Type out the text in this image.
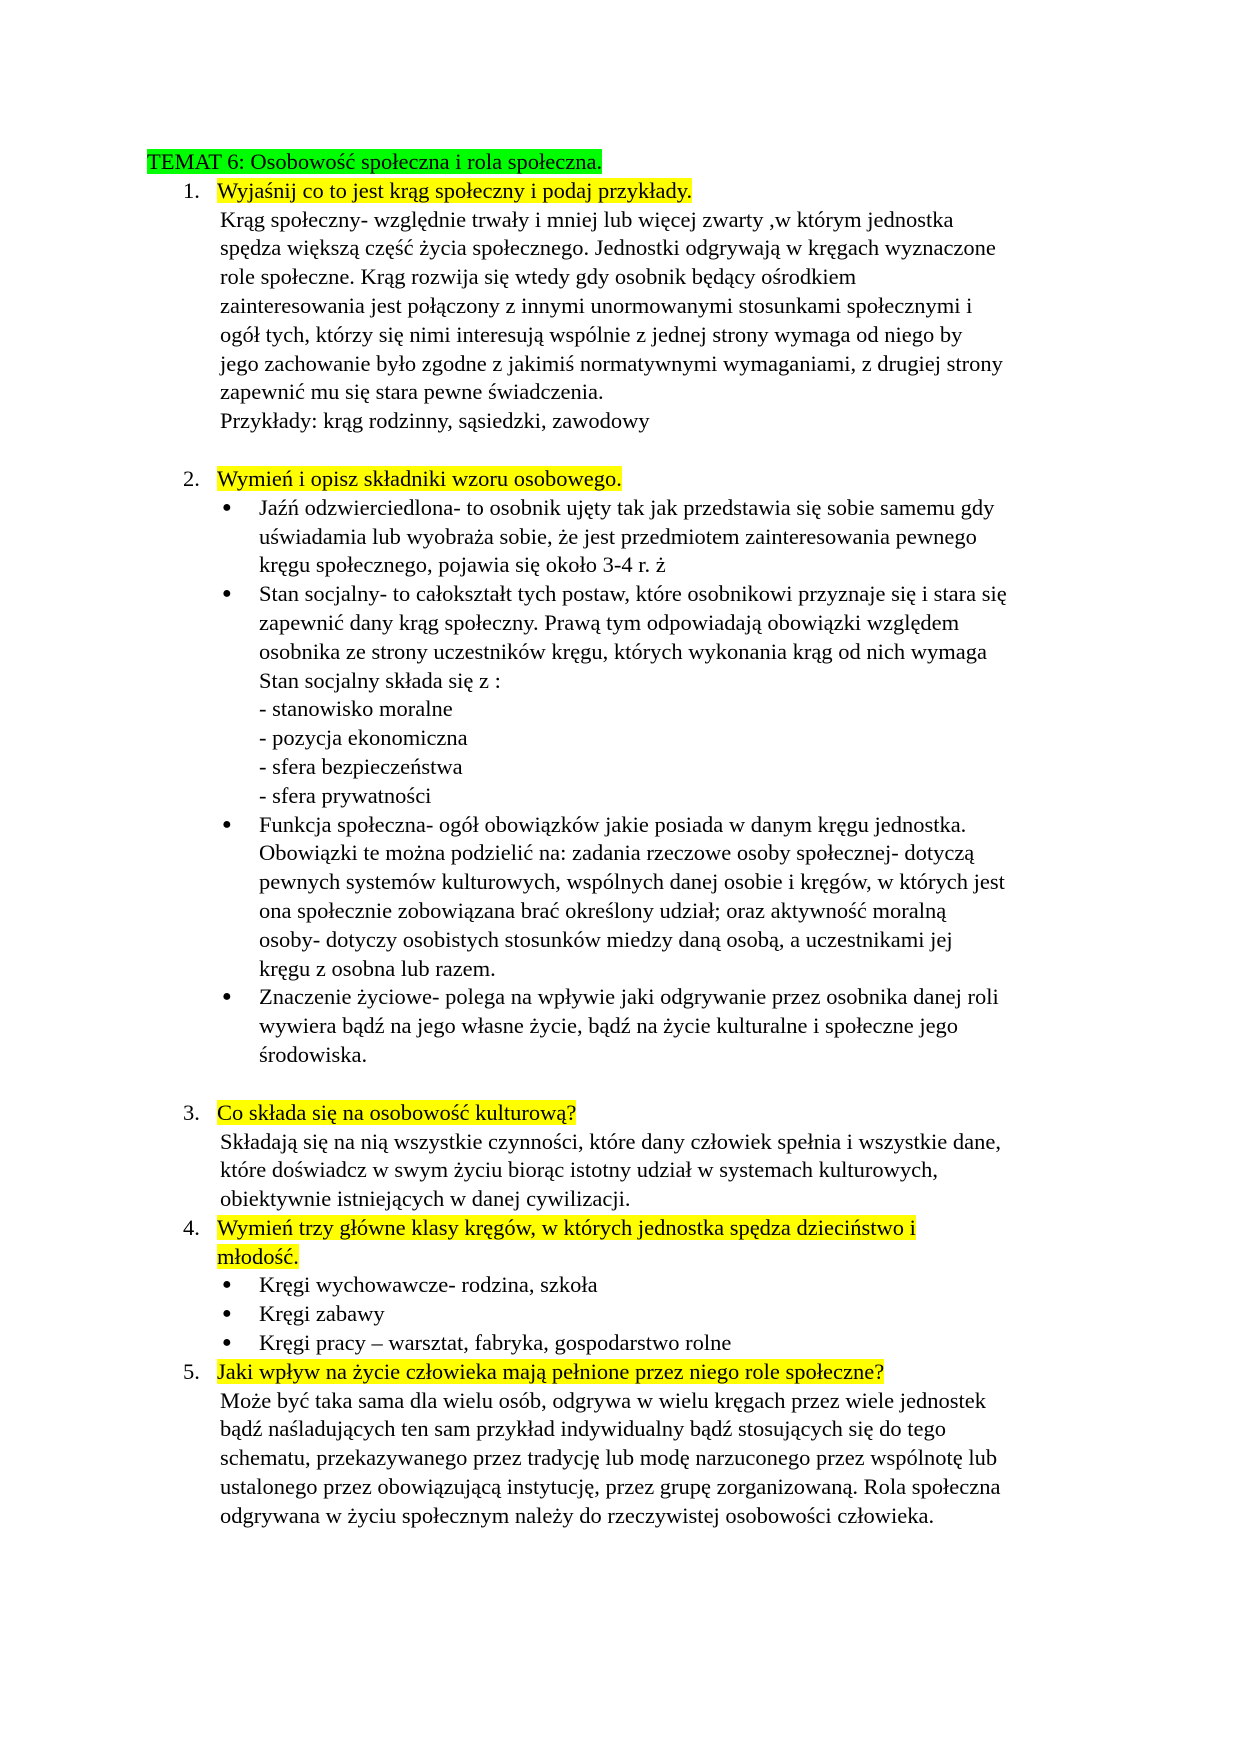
TEMAT 6: Osobowość społeczna i rola społeczna.
1. Wyjaśnij co to jest krąg społeczny i podaj przykłady.
Krąg społeczny- względnie trwały i mniej lub więcej zwarty ,w którym jednostka
spędza większą część życia społecznego. Jednostki odgrywają w kręgach wyznaczone
role społeczne. Krąg rozwija się wtedy gdy osobnik będący ośrodkiem
zainteresowania jest połączony z innymi unormowanymi stosunkami społecznymi i
ogół tych, którzy się nimi interesują wspólnie z jednej strony wymaga od niego by
jego zachowanie było zgodne z jakimiś normatywnymi wymaganiami, z drugiej strony
zapewnić mu się stara pewne świadczenia.
Przykłady: krąg rodzinny, sąsiedzki, zawodowy
2. Wymień i opisz składniki wzoru osobowego.
●	Jaźń odzwierciedlona- to osobnik ujęty tak jak przedstawia się sobie samemu gdy
uświadamia lub wyobraża sobie, że jest przedmiotem zainteresowania pewnego
kręgu społecznego, pojawia się około 3-4 r. ż
●	Stan socjalny- to całokształt tych postaw, które osobnikowi przyznaje się i stara się
zapewnić dany krąg społeczny. Prawą tym odpowiadają obowiązki względem
osobnika ze strony uczestników kręgu, których wykonania krąg od nich wymaga
Stan socjalny składa się z :
- stanowisko moralne
- pozycja ekonomiczna
- sfera bezpieczeństwa
- sfera prywatności
●	Funkcja społeczna- ogół obowiązków jakie posiada w danym kręgu jednostka.
Obowiązki te można podzielić na: zadania rzeczowe osoby społecznej- dotyczą
pewnych systemów kulturowych, wspólnych danej osobie i kręgów, w których jest
ona społecznie zobowiązana brać określony udział; oraz aktywność moralną
osoby- dotyczy osobistych stosunków miedzy daną osobą, a uczestnikami jej
kręgu z osobna lub razem.
●	Znaczenie życiowe- polega na wpływie jaki odgrywanie przez osobnika danej roli
wywiera bądź na jego własne życie, bądź na życie kulturalne i społeczne jego
środowiska.
3. Co składa się na osobowość kulturową?
Składają się na nią wszystkie czynności, które dany człowiek spełnia i wszystkie dane,
które doświadcz w swym życiu biorąc istotny udział w systemach kulturowych,
obiektywnie istniejących w danej cywilizacji.
4. Wymień trzy główne klasy kręgów, w których jednostka spędza dzieciństwo i
młodość.
●	Kręgi wychowawcze- rodzina, szkoła
●	Kręgi zabawy
●	Kręgi pracy – warsztat, fabryka, gospodarstwo rolne
5. Jaki wpływ na życie człowieka mają pełnione przez niego role społeczne?
Może być taka sama dla wielu osób, odgrywa w wielu kręgach przez wiele jednostek
bądź naśladujących ten sam przykład indywidualny bądź stosujących się do tego
schematu, przekazywanego przez tradycję lub modę narzuconego przez wspólnotę lub
ustalonego przez obowiązującą instytucję, przez grupę zorganizowaną. Rola społeczna
odgrywana w życiu społecznym należy do rzeczywistej osobowości człowieka.
